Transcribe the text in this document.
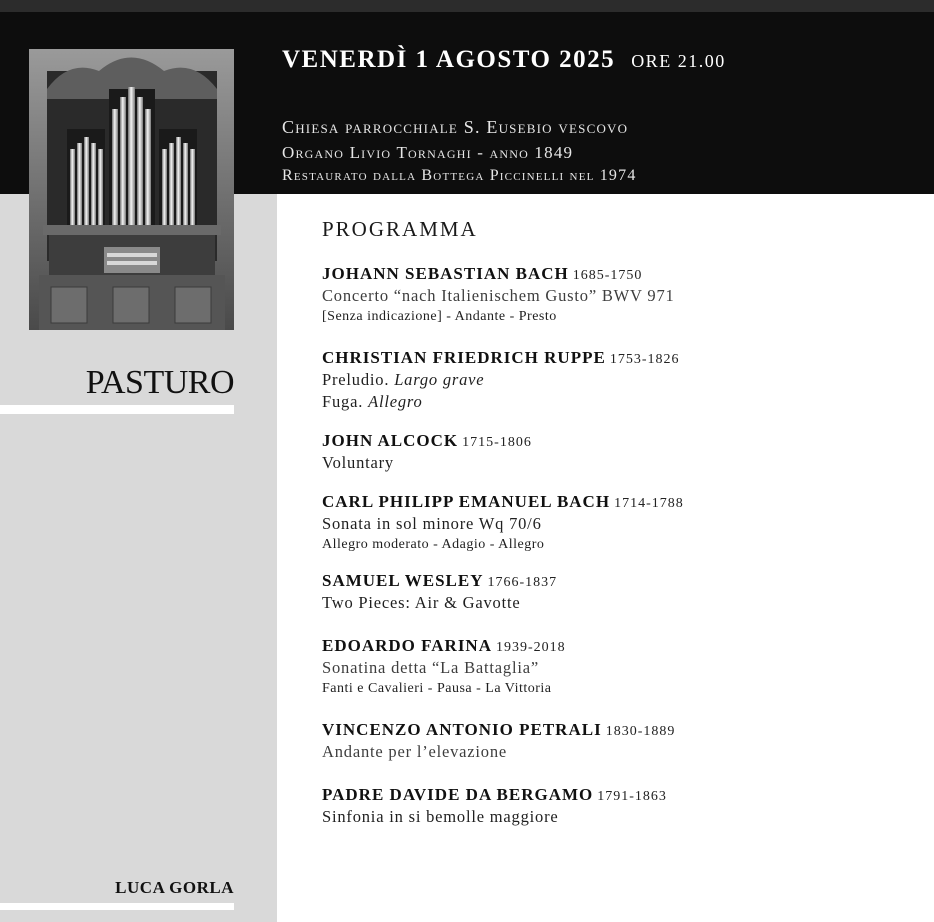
VENERDÌ 1 AGOSTO 2025 ORE 21.00
Chiesa parrocchiale S. Eusebio vescovo
Organo Livio Tornaghi - anno 1849
Restaurato dalla Bottega Piccinelli nel 1974
PASTURO
LUCA GORLA
PROGRAMMA
JOHANN SEBASTIAN BACH 1685-1750
Concerto “nach Italienischem Gusto” BWV 971
[Senza indicazione] - Andante - Presto
CHRISTIAN FRIEDRICH RUPPE 1753-1826
Preludio. Largo grave
Fuga. Allegro
JOHN ALCOCK 1715-1806
Voluntary
CARL PHILIPP EMANUEL BACH 1714-1788
Sonata in sol minore Wq 70/6
Allegro moderato - Adagio - Allegro
SAMUEL WESLEY 1766-1837
Two Pieces: Air & Gavotte
EDOARDO FARINA 1939-2018
Sonatina detta “La Battaglia”
Fanti e Cavalieri - Pausa - La Vittoria
VINCENZO ANTONIO PETRALI 1830-1889
Andante per l’elevazione
PADRE DAVIDE DA BERGAMO 1791-1863
Sinfonia in si bemolle maggiore
